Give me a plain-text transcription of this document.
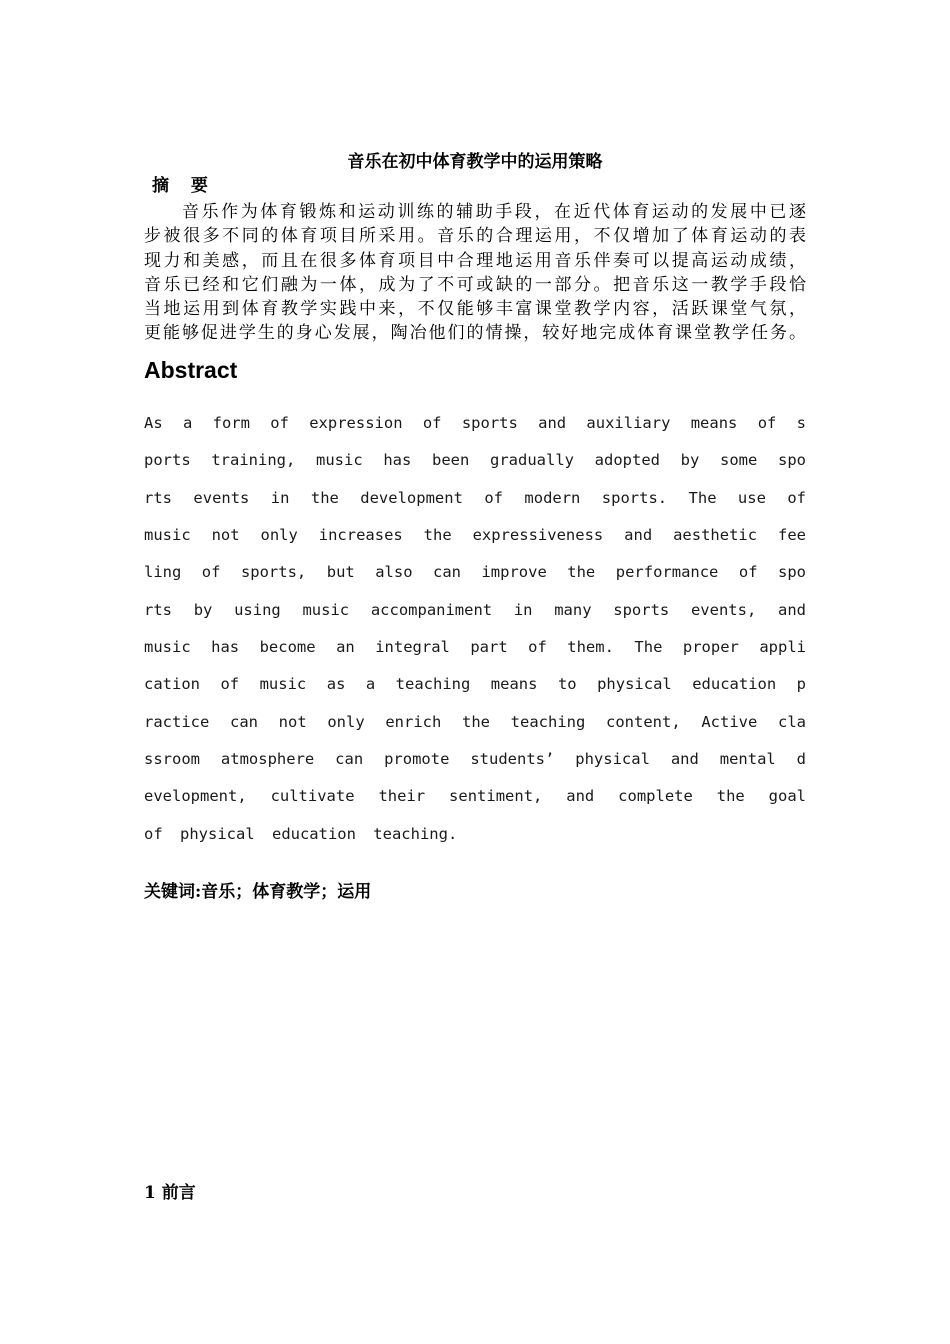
音乐在初中体育教学中的运用策略
摘 要
音乐作为体育锻炼和运动训练的辅助手段，在近代体育运动的发展中已逐
步被很多不同的体育项目所采用。音乐的合理运用，不仅增加了体育运动的表
现力和美感，而且在很多体育项目中合理地运用音乐伴奏可以提高运动成绩，
音乐已经和它们融为一体，成为了不可或缺的一部分。把音乐这一教学手段恰
当地运用到体育教学实践中来，不仅能够丰富课堂教学内容，活跃课堂气氛，
更能够促进学生的身心发展，陶冶他们的情操，较好地完成体育课堂教学任务。
Abstract
As a form of expression of sports and auxiliary means of s
ports training, music has been gradually adopted by some spo
rts events in the development of modern sports. The use of
music not only increases the expressiveness and aesthetic fee
ling of sports, but also can improve the performance of spo
rts by using music accompaniment in many sports events, and
music has become an integral part of them. The proper appli
cation of music as a teaching means to physical education p
ractice can not only enrich the teaching content, Active cla
ssroom atmosphere can promote students’ physical and mental d
evelopment, cultivate their sentiment, and complete the goal
of physical education teaching.
关键词:音乐；体育教学；运用
1 前言
